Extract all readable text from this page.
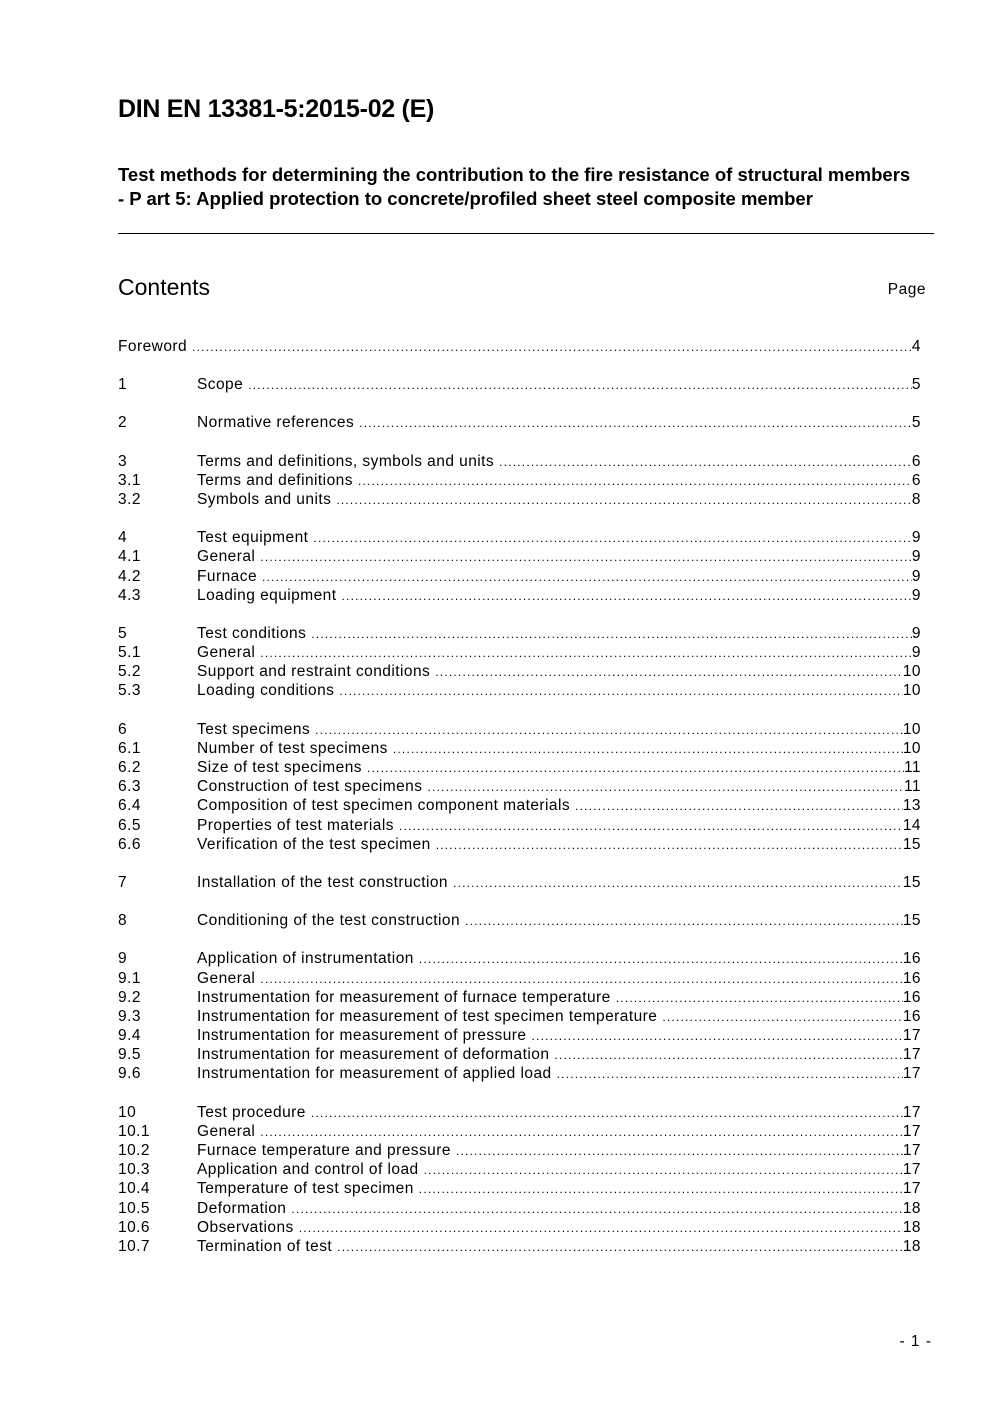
DIN EN 13381-5:2015-02 (E)
Test methods for determining the contribution to the fire resistance of structural members - P art 5: Applied protection to concrete/profiled sheet steel composite member
Contents	Page
Foreword .....	4
1	Scope .....	5
2	Normative references .....	5
3	Terms and definitions, symbols and units .....	6
3.1	Terms and definitions .....	6
3.2	Symbols and units .....	8
4	Test equipment .....	9
4.1	General .....	9
4.2	Furnace .....	9
4.3	Loading equipment .....	9
5	Test conditions .....	9
5.1	General .....	9
5.2	Support and restraint conditions .....	10
5.3	Loading conditions .....	10
6	Test specimens .....	10
6.1	Number of test specimens .....	10
6.2	Size of test specimens .....	11
6.3	Construction of test specimens .....	11
6.4	Composition of test specimen component materials .....	13
6.5	Properties of test materials .....	14
6.6	Verification of the test specimen .....	15
7	Installation of the test construction .....	15
8	Conditioning of the test construction .....	15
9	Application of instrumentation .....	16
9.1	General .....	16
9.2	Instrumentation for measurement of furnace temperature .....	16
9.3	Instrumentation for measurement of test specimen temperature .....	16
9.4	Instrumentation for measurement of pressure .....	17
9.5	Instrumentation for measurement of deformation .....	17
9.6	Instrumentation for measurement of applied load .....	17
10	Test procedure .....	17
10.1	General .....	17
10.2	Furnace temperature and pressure .....	17
10.3	Application and control of load .....	17
10.4	Temperature of test specimen .....	17
10.5	Deformation .....	18
10.6	Observations .....	18
10.7	Termination of test .....	18
- 1 -
